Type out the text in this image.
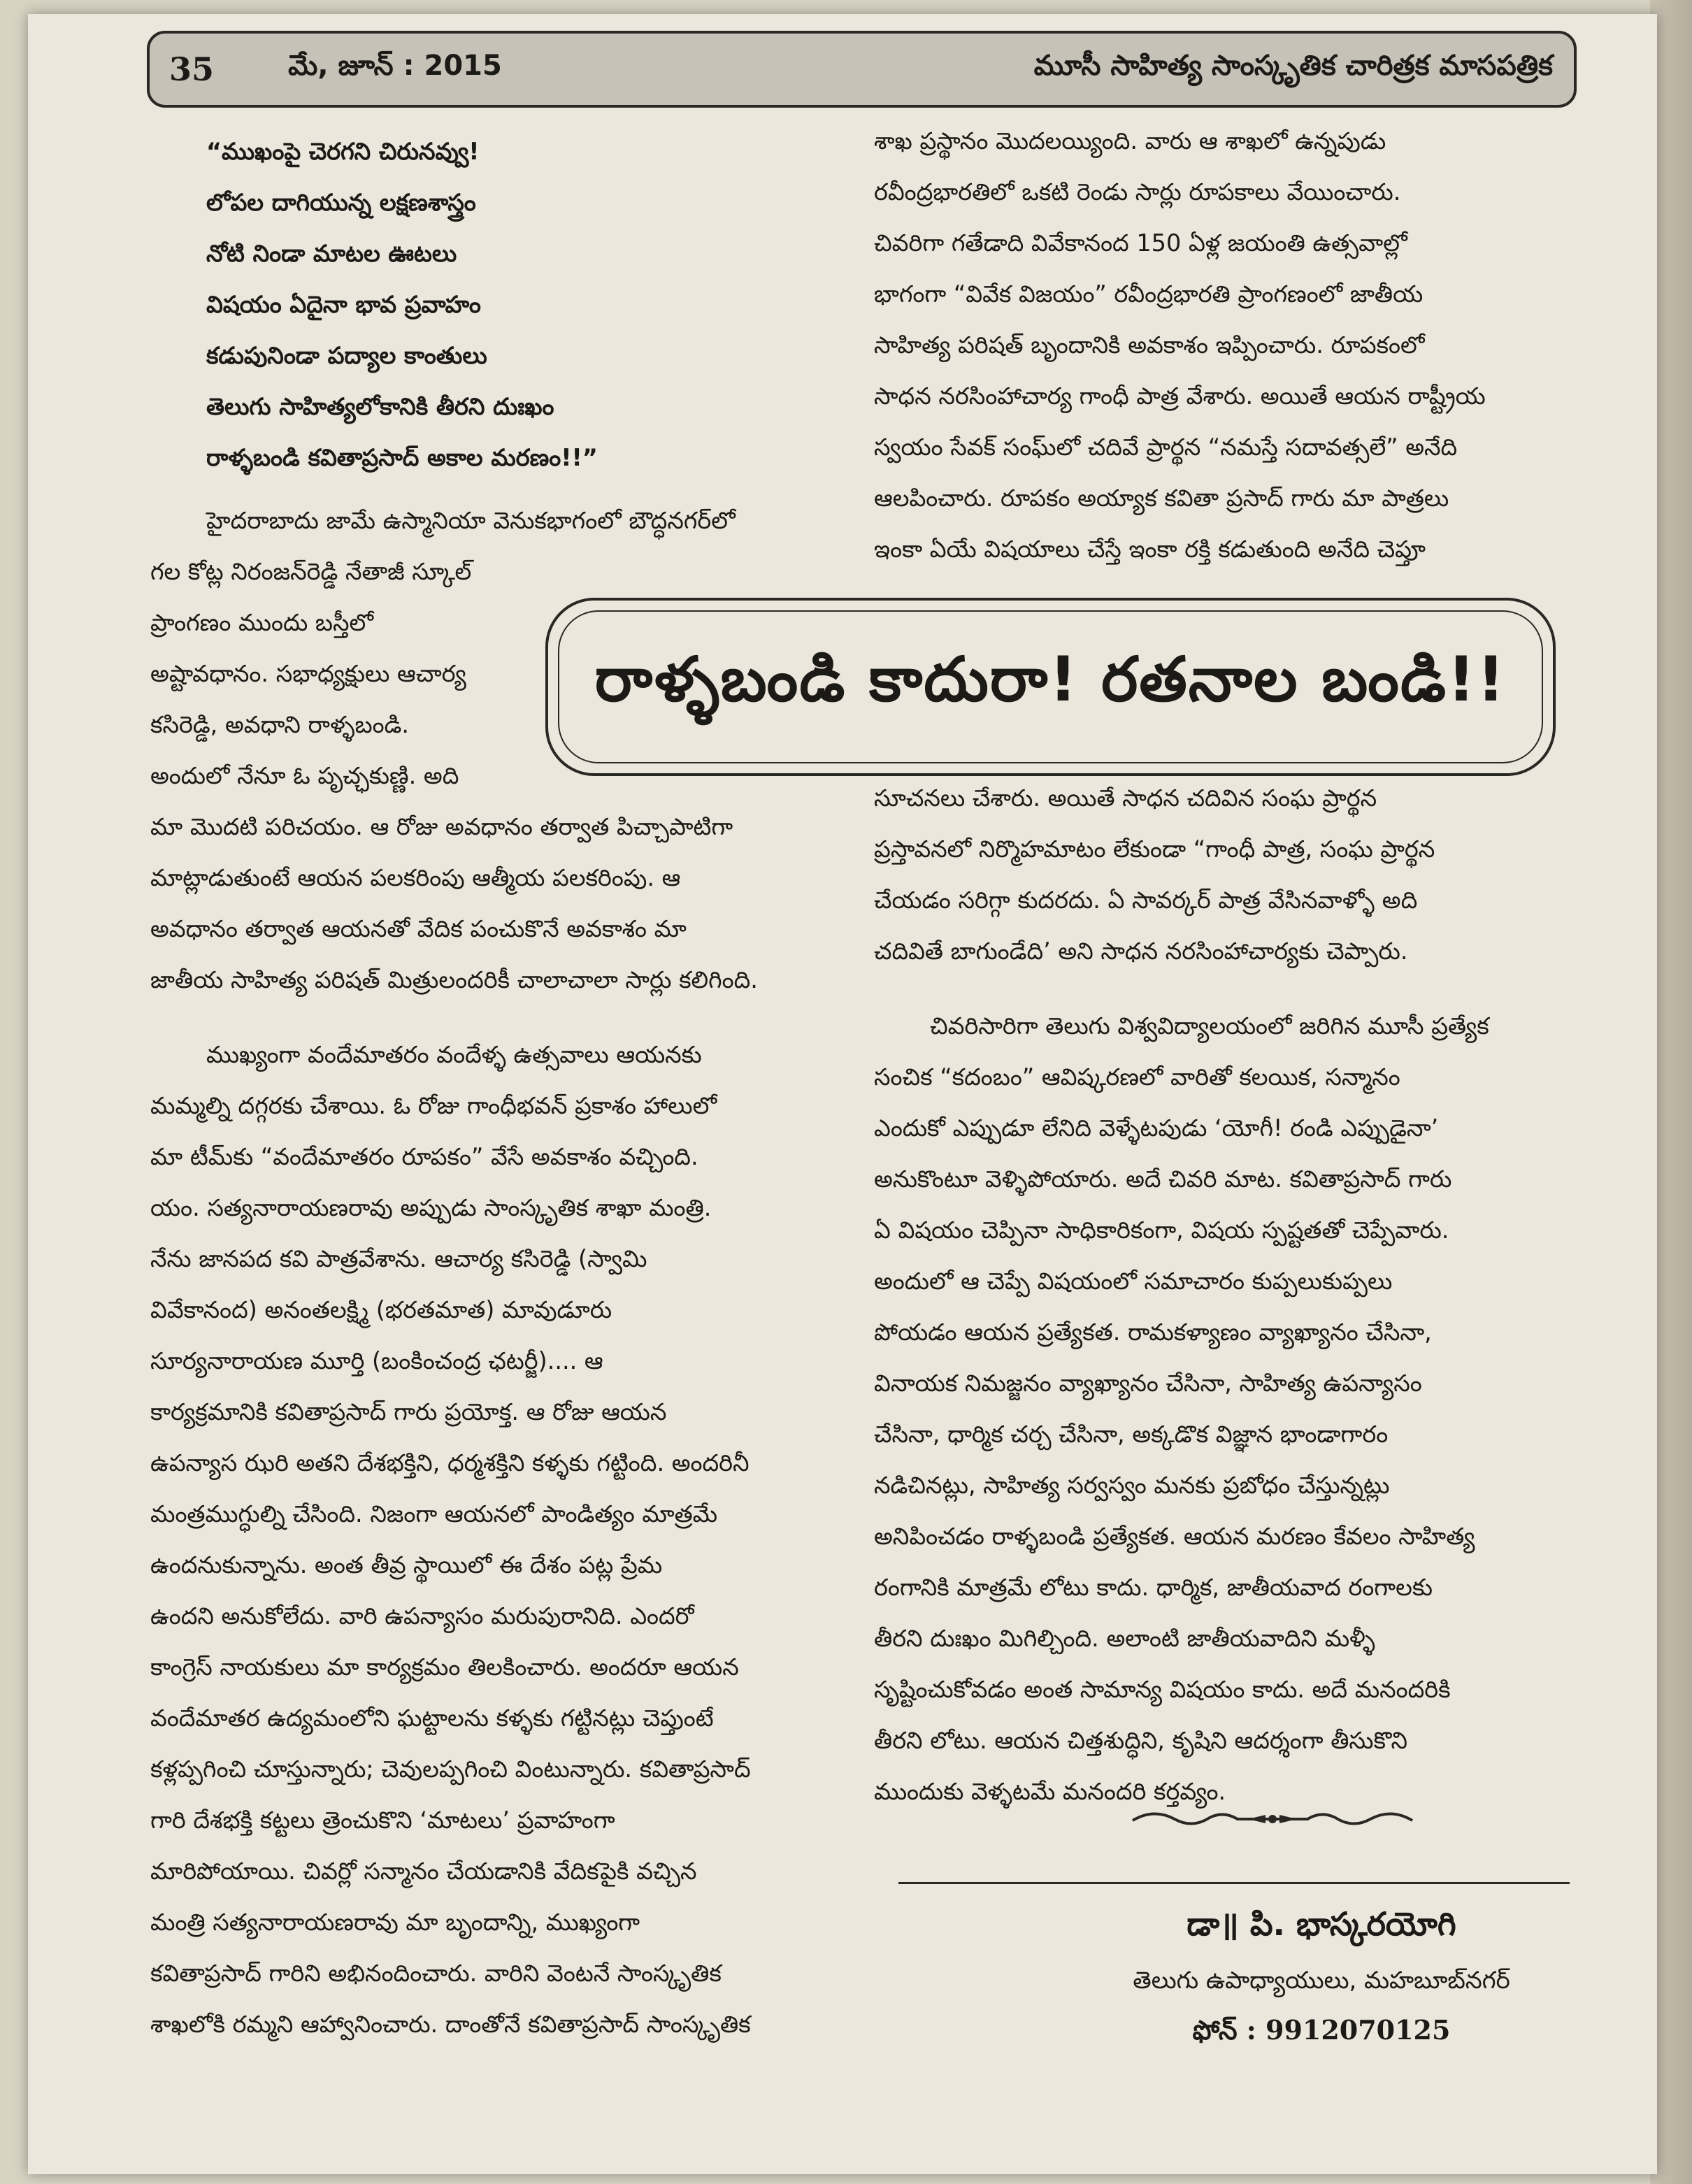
35	మే, జూన్ : 2015	మూసీ సాహిత్య సాంస్కృతిక చారిత్రక మాసపత్రిక
“ముఖంపై చెరగని చిరునవ్వు!
లోపల దాగియున్న లక్షణశాస్త్రం
నోటి నిండా మాటల ఊటలు
విషయం ఏదైనా భావ ప్రవాహం
కడుపునిండా పద్యాల కాంతులు
తెలుగు సాహిత్యలోకానికి తీరని దుఃఖం
రాళ్ళబండి కవితాప్రసాద్ అకాల మరణం!!”
హైదరాబాదు జామే ఉస్మానియా వెనుకభాగంలో బౌద్ధనగర్‌లో
గల కోట్ల నిరంజన్‌రెడ్డి నేతాజీ స్కూల్
ప్రాంగణం ముందు బస్తీలో
అష్టావధానం. సభాధ్యక్షులు ఆచార్య
కసిరెడ్డి, అవధాని రాళ్ళబండి.
అందులో నేనూ ఓ పృచ్ఛకుణ్ణి. అది
మా మొదటి పరిచయం. ఆ రోజు అవధానం తర్వాత పిచ్చాపాటిగా
మాట్లాడుతుంటే ఆయన పలకరింపు ఆత్మీయ పలకరింపు. ఆ
అవధానం తర్వాత ఆయనతో వేదిక పంచుకొనే అవకాశం మా
జాతీయ సాహిత్య పరిషత్ మిత్రులందరికీ చాలాచాలా సార్లు కలిగింది.
ముఖ్యంగా వందేమాతరం వందేళ్ళ ఉత్సవాలు ఆయనకు
మమ్మల్ని దగ్గరకు చేశాయి. ఓ రోజు గాంధీభవన్ ప్రకాశం హాలులో
మా టీమ్‌కు “వందేమాతరం రూపకం” వేసే అవకాశం వచ్చింది.
యం. సత్యనారాయణరావు అప్పుడు సాంస్కృతిక శాఖా మంత్రి.
నేను జానపద కవి పాత్రవేశాను. ఆచార్య కసిరెడ్డి (స్వామి
వివేకానంద) అనంతలక్ష్మి (భరతమాత) మావుడూరు
సూర్యనారాయణ మూర్తి (బంకించంద్ర ఛటర్జీ).... ఆ
కార్యక్రమానికి కవితాప్రసాద్ గారు ప్రయోక్త. ఆ రోజు ఆయన
ఉపన్యాస ఝరి అతని దేశభక్తిని, ధర్మశక్తిని కళ్ళకు గట్టింది. అందరినీ
మంత్రముగ్ధుల్ని చేసింది. నిజంగా ఆయనలో పాండిత్యం మాత్రమే
ఉందనుకున్నాను. అంత తీవ్ర స్థాయిలో ఈ దేశం పట్ల ప్రేమ
ఉందని అనుకోలేదు. వారి ఉపన్యాసం మరుపురానిది. ఎందరో
కాంగ్రెస్ నాయకులు మా కార్యక్రమం తిలకించారు. అందరూ ఆయన
వందేమాతర ఉద్యమంలోని ఘట్టాలను కళ్ళకు గట్టినట్లు చెప్తుంటే
కళ్లప్పగించి చూస్తున్నారు; చెవులప్పగించి వింటున్నారు. కవితాప్రసాద్
గారి దేశభక్తి కట్టలు త్రెంచుకొని ‘మాటలు’ ప్రవాహంగా
మారిపోయాయి. చివర్లో సన్మానం చేయడానికి వేదికపైకి వచ్చిన
మంత్రి సత్యనారాయణరావు మా బృందాన్ని, ముఖ్యంగా
కవితాప్రసాద్ గారిని అభినందించారు. వారిని వెంటనే సాంస్కృతిక
శాఖలోకి రమ్మని ఆహ్వానించారు. దాంతోనే కవితాప్రసాద్ సాంస్కృతిక
శాఖ ప్రస్థానం మొదలయ్యింది. వారు ఆ శాఖలో ఉన్నపుడు
రవీంద్రభారతిలో ఒకటి రెండు సార్లు రూపకాలు వేయించారు.
చివరిగా గతేడాది వివేకానంద 150 ఏళ్ల జయంతి ఉత్సవాల్లో
భాగంగా “వివేక విజయం” రవీంద్రభారతి ప్రాంగణంలో జాతీయ
సాహిత్య పరిషత్ బృందానికి అవకాశం ఇప్పించారు. రూపకంలో
సాధన నరసింహాచార్య గాంధీ పాత్ర వేశారు. అయితే ఆయన రాష్ట్రీయ
స్వయం సేవక్ సంఘ్‌లో చదివే ప్రార్థన “నమస్తే సదావత్సలే” అనేది
ఆలపించారు. రూపకం అయ్యాక కవితా ప్రసాద్ గారు మా పాత్రలు
ఇంకా ఏయే విషయాలు చేస్తే ఇంకా రక్తి కడుతుంది అనేది చెప్తూ
రాళ్ళబండి కాదురా! రతనాల బండి!!
సూచనలు చేశారు. అయితే సాధన చదివిన సంఘ ప్రార్థన
ప్రస్తావనలో నిర్మొహమాటం లేకుండా “గాంధీ పాత్ర, సంఘ ప్రార్థన
చేయడం సరిగ్గా కుదరదు. ఏ సావర్కర్ పాత్ర వేసినవాళ్ళో అది
చదివితే బాగుండేది’ అని సాధన నరసింహాచార్యకు చెప్పారు.
చివరిసారిగా తెలుగు విశ్వవిద్యాలయంలో జరిగిన మూసీ ప్రత్యేక
సంచిక “కదంబం” ఆవిష్కరణలో వారితో కలయిక, సన్మానం
ఎందుకో ఎప్పుడూ లేనిది వెళ్ళేటపుడు ‘యోగీ! రండి ఎప్పుడైనా’
అనుకొంటూ వెళ్ళిపోయారు. అదే చివరి మాట. కవితాప్రసాద్ గారు
ఏ విషయం చెప్పినా సాధికారికంగా, విషయ స్పష్టతతో చెప్పేవారు.
అందులో ఆ చెప్పే విషయంలో సమాచారం కుప్పలుకుప్పలు
పోయడం ఆయన ప్రత్యేకత. రామకళ్యాణం వ్యాఖ్యానం చేసినా,
వినాయక నిమజ్జనం వ్యాఖ్యానం చేసినా, సాహిత్య ఉపన్యాసం
చేసినా, ధార్మిక చర్చ చేసినా, అక్కడొక విజ్ఞాన భాండాగారం
నడిచినట్లు, సాహిత్య సర్వస్వం మనకు ప్రబోధం చేస్తున్నట్లు
అనిపించడం రాళ్ళబండి ప్రత్యేకత. ఆయన మరణం కేవలం సాహిత్య
రంగానికి మాత్రమే లోటు కాదు. ధార్మిక, జాతీయవాద రంగాలకు
తీరని దుఃఖం మిగిల్చింది. అలాంటి జాతీయవాదిని మళ్ళీ
సృష్టించుకోవడం అంత సామాన్య విషయం కాదు. అదే మనందరికి
తీరని లోటు. ఆయన చిత్తశుద్ధిని, కృషిని ఆదర్శంగా తీసుకొని
ముందుకు వెళ్ళటమే మనందరి కర్తవ్యం.
డా॥ పి. భాస్కరయోగి
తెలుగు ఉపాధ్యాయులు, మహబూబ్‌నగర్
ఫోన్ : 9912070125
